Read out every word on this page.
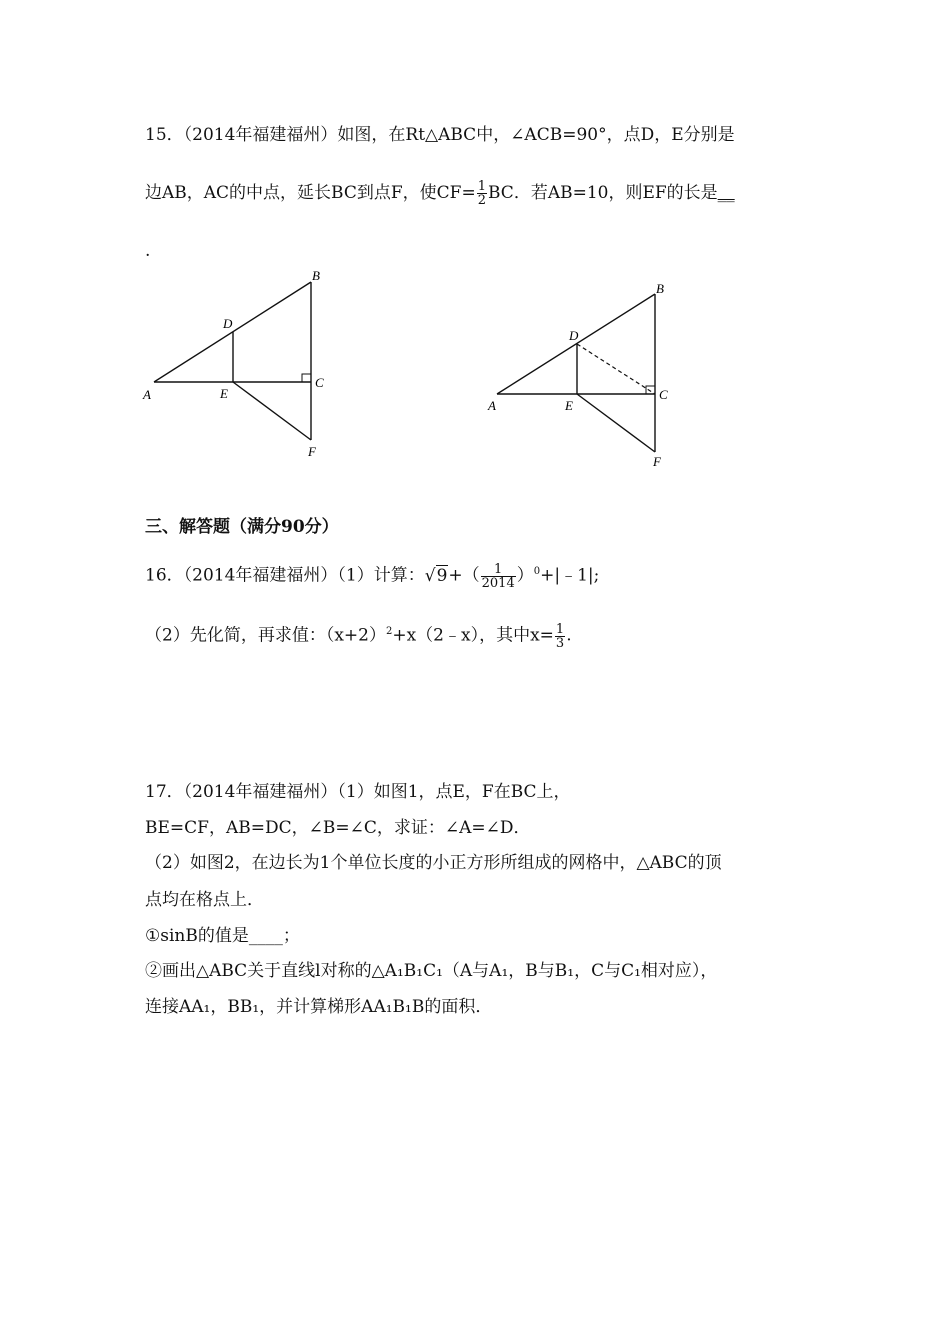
15．（2014年福建福州）如图，在Rt△ABC中，∠ACB=90°，点D，E分别是
边AB，AC的中点，延长BC到点F，使$CF= \frac{1}{2}$ BC．若AB=10，则EF的长是__
.
A
B
C
D
E
F
A
B
C
D
E
F
三、解答题（满分90分）
16．（2014年福建福州）（1）计算：$√9+( \frac{1}{2014}$ ）$^0+|﹣1|$;
（2）先化简，再求值：$(x+2)^2+x(2﹣x)$，其中$x= \frac{1}{3}$ .
17．（2014年福建福州）（1）如图1，点E，F在BC上，
BE=CF，AB=DC，∠B=∠C，求证：∠A=∠D．
（2）如图2，在边长为1个单位长度的小正方形所组成的网格中，△ABC的顶
点均在格点上．
①sinB的值是____；
②画出△ABC关于直线l对称的△A₁B₁C₁（A与A₁，B与B₁，C与C₁相对应），
连接AA₁，BB₁，并计算梯形AA₁B₁B的面积．
